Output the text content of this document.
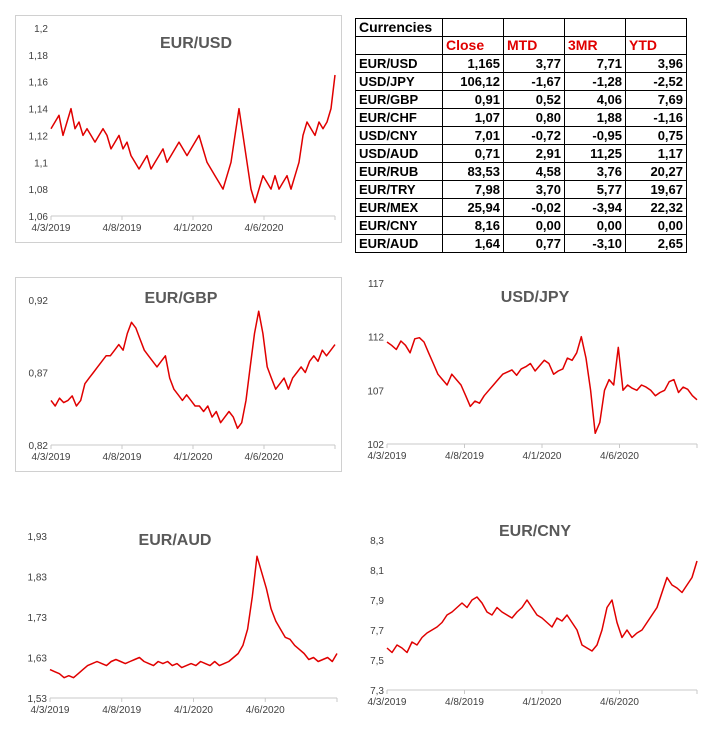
1,2
1,18
1,16
1,14
1,12
1,1
1,08
1,06
4/3/2019	4/8/2019	4/1/2020	4/6/2020
EUR/USD
0,92
0,87
0,82
4/3/2019	4/8/2019	4/1/2020	4/6/2020
EUR/GBP
117
112
107
102
4/3/2019	4/8/2019	4/1/2020	4/6/2020
USD/JPY
1,93
1,83
1,73
1,63
1,53
4/3/2019	4/8/2019	4/1/2020	4/6/2020
EUR/AUD	8,3
8,1
7,9
7,7
7,5
7,3
4/3/2019	4/8/2019	4/1/2020	4/6/2020
EUR/CNY
Currencies				
	Close	MTD	3MR	YTD
EUR/USD	1,165	3,77	7,71	3,96
USD/JPY	106,12	-1,67	-1,28	-2,52
EUR/GBP	0,91	0,52	4,06	7,69
EUR/CHF	1,07	0,80	1,88	-1,16
USD/CNY	7,01	-0,72	-0,95	0,75
USD/AUD	0,71	2,91	11,25	1,17
EUR/RUB	83,53	4,58	3,76	20,27
EUR/TRY	7,98	3,70	5,77	19,67
EUR/MEX	25,94	-0,02	-3,94	22,32
EUR/CNY	8,16	0,00	0,00	0,00
EUR/AUD	1,64	0,77	-3,10	2,65
